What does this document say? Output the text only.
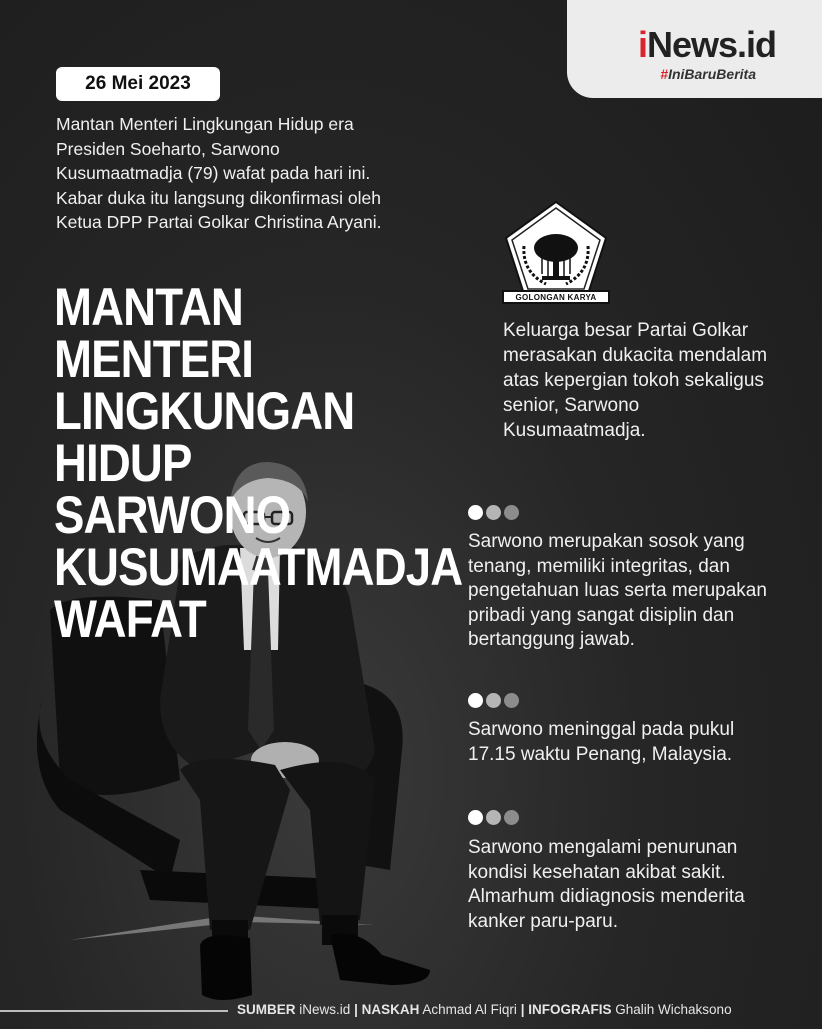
iNews.id
#IniBaruBerita
26 Mei 2023
Mantan Menteri Lingkungan Hidup era Presiden Soeharto, Sarwono Kusumaatmadja (79) wafat pada hari ini. Kabar duka itu langsung dikonfirmasi oleh Ketua DPP Partai Golkar Christina Aryani.
MANTAN MENTERI
LINGKUNGAN HIDUP
SARWONO
KUSUMAATMADJA
WAFAT
GOLONGAN KARYA
Keluarga besar Partai Golkar merasakan dukacita mendalam atas kepergian tokoh sekaligus senior, Sarwono Kusumaatmadja.
Sarwono merupakan sosok yang tenang, memiliki integritas, dan pengetahuan luas serta merupakan pribadi yang sangat disiplin dan bertanggung jawab.
Sarwono meninggal pada pukul 17.15 waktu Penang, Malaysia.
Sarwono mengalami penurunan kondisi kesehatan akibat sakit. Almarhum didiagnosis menderita kanker paru-paru.
SUMBER iNews.id | NASKAH Achmad Al Fiqri | INFOGRAFIS Ghalih Wichaksono
